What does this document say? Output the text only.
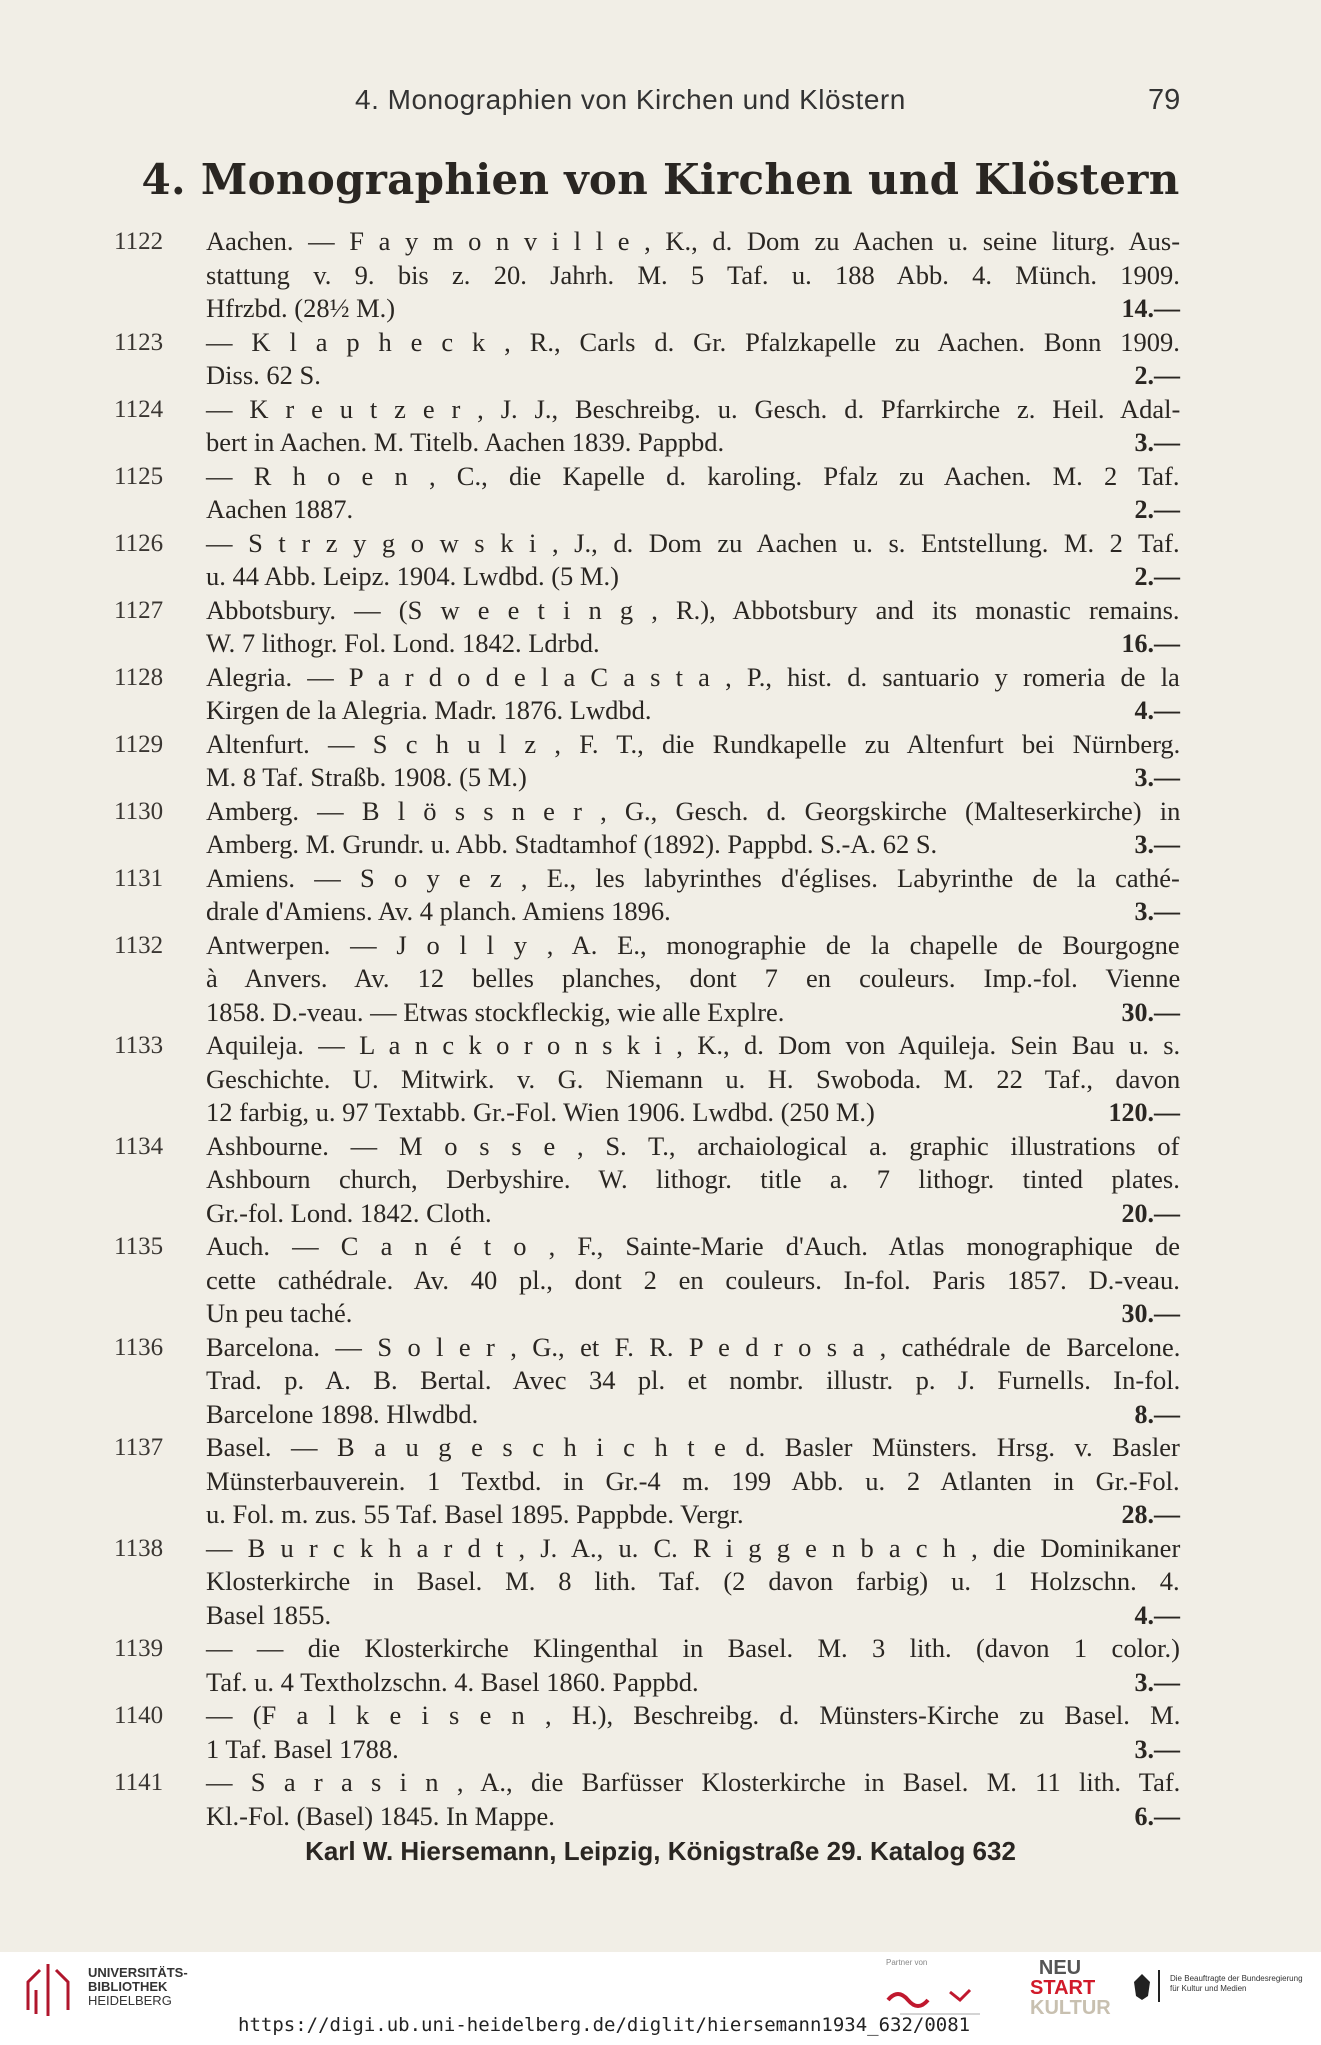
4. Monographien von Kirchen und Klöstern	79
4. Monographien von Kirchen und Klöstern
1122	Aachen. — F a y m o n v i l l e , K., d. Dom zu Aachen u. seine liturg. Aus-
stattung v. 9. bis z. 20. Jahrh. M. 5 Taf. u. 188 Abb. 4. Münch. 1909.
Hfrzbd. (28½ M.)	14.—
1123	— K l a p h e c k , R., Carls d. Gr. Pfalzkapelle zu Aachen. Bonn 1909.
Diss. 62 S.	2.—
1124	— K r e u t z e r , J. J., Beschreibg. u. Gesch. d. Pfarrkirche z. Heil. Adal-
bert in Aachen. M. Titelb. Aachen 1839. Pappbd.	3.—
1125	— R h o e n , C., die Kapelle d. karoling. Pfalz zu Aachen. M. 2 Taf.
Aachen 1887.	2.—
1126	— S t r z y g o w s k i , J., d. Dom zu Aachen u. s. Entstellung. M. 2 Taf.
u. 44 Abb. Leipz. 1904. Lwdbd. (5 M.)	2.—
1127	Abbotsbury. — (S w e e t i n g , R.), Abbotsbury and its monastic remains.
W. 7 lithogr. Fol. Lond. 1842. Ldrbd.	16.—
1128	Alegria. — P a r d o d e l a C a s t a , P., hist. d. santuario y romeria de la
Kirgen de la Alegria. Madr. 1876. Lwdbd.	4.—
1129	Altenfurt. — S c h u l z , F. T., die Rundkapelle zu Altenfurt bei Nürnberg.
M. 8 Taf. Straßb. 1908. (5 M.)	3.—
1130	Amberg. — B l ö s s n e r , G., Gesch. d. Georgskirche (Malteserkirche) in
Amberg. M. Grundr. u. Abb. Stadtamhof (1892). Pappbd. S.-A. 62 S.	3.—
1131	Amiens. — S o y e z , E., les labyrinthes d'églises. Labyrinthe de la cathé-
drale d'Amiens. Av. 4 planch. Amiens 1896.	3.—
1132	Antwerpen. — J o l l y , A. E., monographie de la chapelle de Bourgogne
à Anvers. Av. 12 belles planches, dont 7 en couleurs. Imp.-fol. Vienne
1858. D.-veau. — Etwas stockfleckig, wie alle Explre.	30.—
1133	Aquileja. — L a n c k o r o n s k i , K., d. Dom von Aquileja. Sein Bau u. s.
Geschichte. U. Mitwirk. v. G. Niemann u. H. Swoboda. M. 22 Taf., davon
12 farbig, u. 97 Textabb. Gr.-Fol. Wien 1906. Lwdbd. (250 M.)	120.—
1134	Ashbourne. — M o s s e , S. T., archaiological a. graphic illustrations of
Ashbourn church, Derbyshire. W. lithogr. title a. 7 lithogr. tinted plates.
Gr.-fol. Lond. 1842. Cloth.	20.—
1135	Auch. — C a n é t o , F., Sainte-Marie d'Auch. Atlas monographique de
cette cathédrale. Av. 40 pl., dont 2 en couleurs. In-fol. Paris 1857. D.-veau.
Un peu taché.	30.—
1136	Barcelona. — S o l e r , G., et F. R. P e d r o s a , cathédrale de Barcelone.
Trad. p. A. B. Bertal. Avec 34 pl. et nombr. illustr. p. J. Furnells. In-fol.
Barcelone 1898. Hlwdbd.	8.—
1137	Basel. — B a u g e s c h i c h t e d. Basler Münsters. Hrsg. v. Basler
Münsterbauverein. 1 Textbd. in Gr.-4 m. 199 Abb. u. 2 Atlanten in Gr.-Fol.
u. Fol. m. zus. 55 Taf. Basel 1895. Pappbde. Vergr.	28.—
1138	— B u r c k h a r d t , J. A., u. C. R i g g e n b a c h , die Dominikaner
Klosterkirche in Basel. M. 8 lith. Taf. (2 davon farbig) u. 1 Holzschn. 4.
Basel 1855.	4.—
1139	— — die Klosterkirche Klingenthal in Basel. M. 3 lith. (davon 1 color.)
Taf. u. 4 Textholzschn. 4. Basel 1860. Pappbd.	3.—
1140	— (F a l k e i s e n , H.), Beschreibg. d. Münsters-Kirche zu Basel. M.
1 Taf. Basel 1788.	3.—
1141	— S a r a s i n , A., die Barfüsser Klosterkirche in Basel. M. 11 lith. Taf.
Kl.-Fol. (Basel) 1845. In Mappe.	6.—
Karl W. Hiersemann, Leipzig, Königstraße 29. Katalog 632
UNIVERSITÄTS-
BIBLIOTHEK
HEIDELBERG
https://digi.ub.uni-heidelberg.de/diglit/hiersemann1934_632/0081
Partner von	NEU
START
KULTUR
Die Beauftragte der Bundesregierung für Kultur und Medien
